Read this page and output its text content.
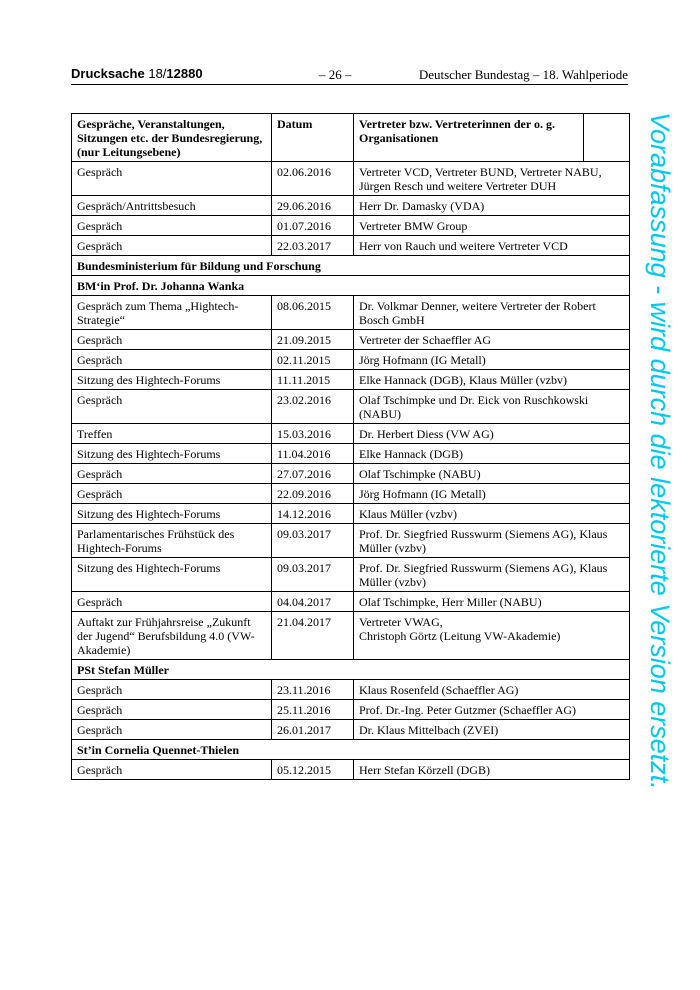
Drucksache 18/12880	– 26 –	Deutscher Bundestag – 18. Wahlperiode
Gespräche, Veranstaltungen, Sitzungen etc. der Bundesregierung, (nur Leitungsebene)	Datum	Vertreter bzw. Vertreterinnen der o. g. Organisationen	
Gespräch	02.06.2016	Vertreter VCD, Vertreter BUND, Vertreter NABU, Jürgen Resch und weitere Vertreter DUH	

Gespräch/Antrittsbesuch	29.06.2016	Herr Dr. Damasky (VDA)	

Gespräch	01.07.2016	Vertreter BMW Group	

Gespräch	22.03.2017	Herr von Rauch und weitere Vertreter VCD	

Bundesministerium für Bildung und Forschung			
BM‘in Prof. Dr. Johanna Wanka			
Gespräch zum Thema „Hightech-Strategie“	08.06.2015	Dr. Volkmar Denner, weitere Vertreter der Robert Bosch GmbH	

Gespräch	21.09.2015	Vertreter der Schaeffler AG	

Gespräch	02.11.2015	Jörg Hofmann (IG Metall)	

Sitzung des Hightech-Forums	11.11.2015	Elke Hannack (DGB), Klaus Müller (vzbv)	

Gespräch	23.02.2016	Olaf Tschimpke und Dr. Eick von Ruschkowski (NABU)	

Treffen	15.03.2016	Dr. Herbert Diess (VW AG)	

Sitzung des Hightech-Forums	11.04.2016	Elke Hannack (DGB)	

Gespräch	27.07.2016	Olaf Tschimpke (NABU)	

Gespräch	22.09.2016	Jörg Hofmann (IG Metall)	

Sitzung des Hightech-Forums	14.12.2016	Klaus Müller (vzbv)	

Parlamentarisches Frühstück des Hightech-Forums	09.03.2017	Prof. Dr. Siegfried Russwurm (Siemens AG), Klaus Müller (vzbv)	

Sitzung des Hightech-Forums	09.03.2017	Prof. Dr. Siegfried Russwurm (Siemens AG), Klaus Müller (vzbv)	

Gespräch	04.04.2017	Olaf Tschimpke, Herr Miller (NABU)	

Auftakt zur Frühjahrsreise „Zukunft der Jugend“ Berufsbildung 4.0 (VW-Akademie)	21.04.2017	Vertreter VWAG,
Christoph Görtz (Leitung VW-Akademie)	

PSt Stefan Müller			
Gespräch	23.11.2016	Klaus Rosenfeld (Schaeffler AG)	

Gespräch	25.11.2016	Prof. Dr.-Ing. Peter Gutzmer (Schaeffler AG)	

Gespräch	26.01.2017	Dr. Klaus Mittelbach (ZVEI)	

St’in Cornelia Quennet-Thielen			
Gespräch	05.12.2015	Herr Stefan Körzell (DGB)		Vorabfassung - wird durch die lektorierte Version ersetzt.
